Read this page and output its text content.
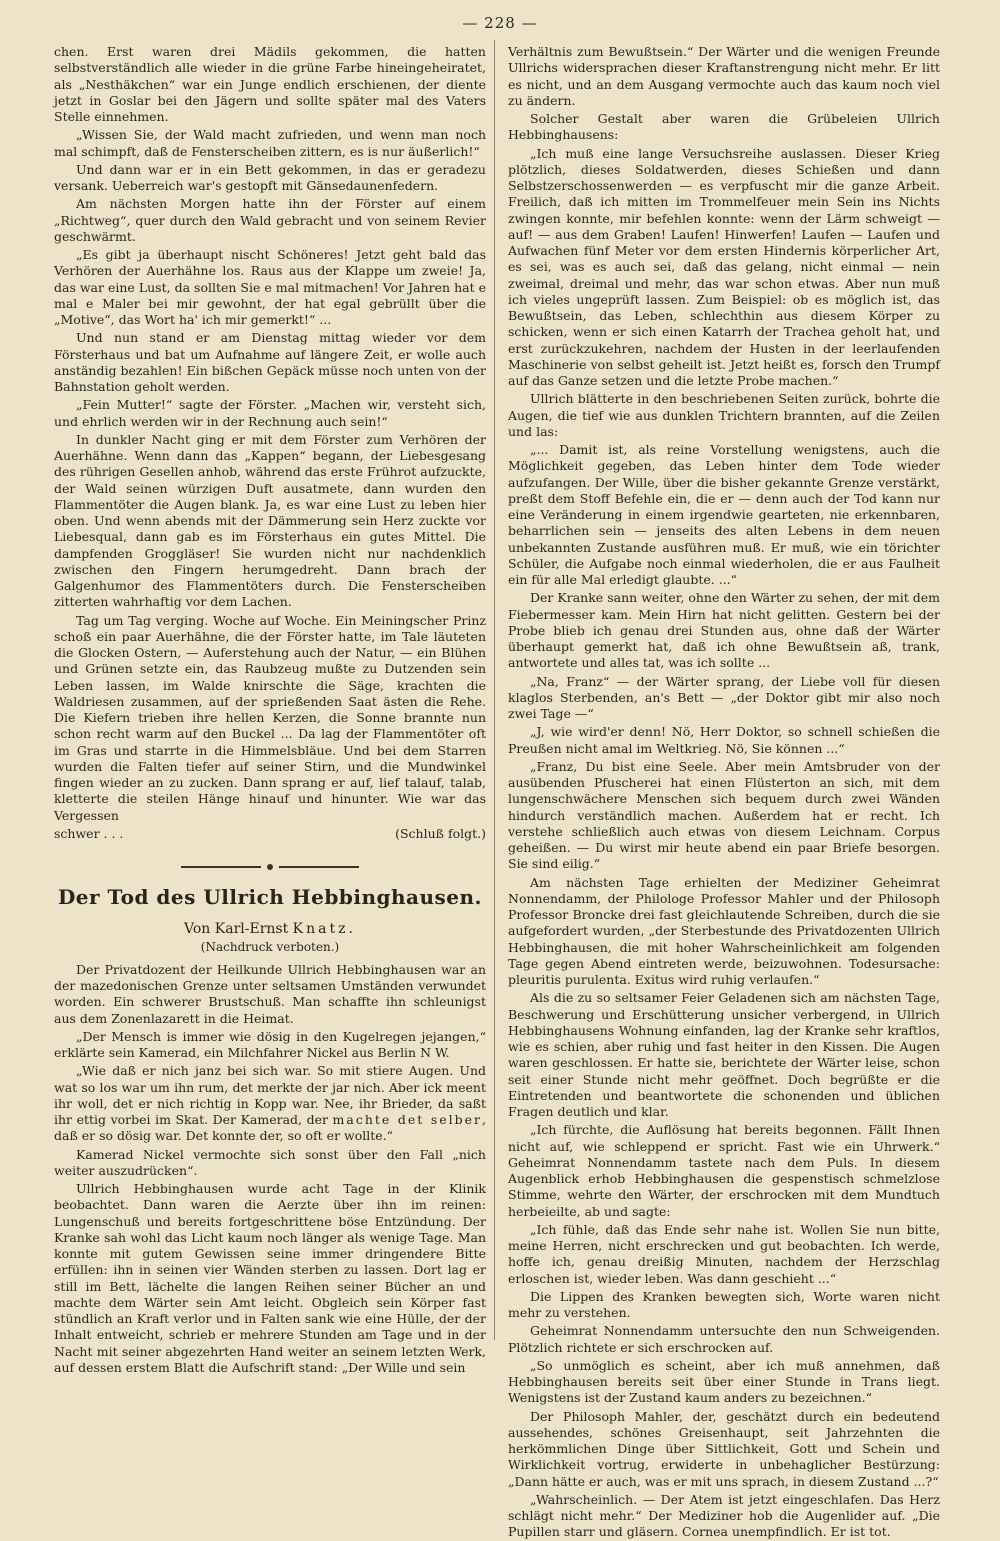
— 228 —

chen. Erst waren drei Mädils gekommen, die hatten selbstverständlich alle wieder in die grüne Farbe hineingeheiratet, als „Nesthäkchen“ war ein Junge endlich erschienen, der diente jetzt in Goslar bei den Jägern und sollte später mal des Vaters Stelle einnehmen.

„Wissen Sie, der Wald macht zufrieden, und wenn man noch mal schimpft, daß de Fensterscheiben zittern, es is nur äußerlich!“

Und dann war er in ein Bett gekommen, in das er geradezu versank. Ueberreich war's gestopft mit Gänsedaunenfedern.

Am nächsten Morgen hatte ihn der Förster auf einem „Richtweg“, quer durch den Wald gebracht und von seinem Revier geschwärmt.

„Es gibt ja überhaupt nischt Schöneres! Jetzt geht bald das Verhören der Auerhähne los. Raus aus der Klappe um zweie! Ja, das war eine Lust, da sollten Sie e mal mitmachen! Vor Jahren hat e mal e Maler bei mir gewohnt, der hat egal gebrüllt über die „Motive“, das Wort ha' ich mir gemerkt!“ ...

Und nun stand er am Dienstag mittag wieder vor dem Försterhaus und bat um Aufnahme auf längere Zeit, er wolle auch anständig bezahlen! Ein bißchen Gepäck müsse noch unten von der Bahnstation geholt werden.

„Fein Mutter!“ sagte der Förster. „Machen wir, versteht sich, und ehrlich werden wir in der Rechnung auch sein!“

In dunkler Nacht ging er mit dem Förster zum Verhören der Auerhähne. Wenn dann das „Kappen“ begann, der Liebesgesang des rührigen Gesellen anhob, während das erste Frührot aufzuckte, der Wald seinen würzigen Duft ausatmete, dann wurden den Flammentöter die Augen blank. Ja, es war eine Lust zu leben hier oben. Und wenn abends mit der Dämmerung sein Herz zuckte vor Liebesqual, dann gab es im Försterhaus ein gutes Mittel. Die dampfenden Groggläser! Sie wurden nicht nur nachdenklich zwischen den Fingern herumgedreht. Dann brach der Galgenhumor des Flammentöters durch. Die Fensterscheiben zitterten wahrhaftig vor dem Lachen.

Tag um Tag verging. Woche auf Woche. Ein Meiningscher Prinz schoß ein paar Auerhähne, die der Förster hatte, im Tale läuteten die Glocken Ostern, — Auferstehung auch der Natur, — ein Blühen und Grünen setzte ein, das Raubzeug mußte zu Dutzenden sein Leben lassen, im Walde knirschte die Säge, krachten die Waldriesen zusammen, auf der sprießenden Saat ästen die Rehe. Die Kiefern trieben ihre hellen Kerzen, die Sonne brannte nun schon recht warm auf den Buckel ... Da lag der Flammentöter oft im Gras und starrte in die Himmelsbläue. Und bei dem Starren wurden die Falten tiefer auf seiner Stirn, und die Mundwinkel fingen wieder an zu zucken. Dann sprang er auf, lief talauf, talab, kletterte die steilen Hänge hinauf und hinunter. Wie war das Vergessen

schwer . . .	(Schluß folgt.)
Der Tod des Ullrich Hebbinghausen.
Von Karl-Ernst Knatz.
(Nachdruck verboten.)

Der Privatdozent der Heilkunde Ullrich Hebbinghausen war an der mazedonischen Grenze unter seltsamen Umständen verwundet worden. Ein schwerer Brustschuß. Man schaffte ihn schleunigst aus dem Zonenlazarett in die Heimat.

„Der Mensch is immer wie dösig in den Kugelregen jejangen,“ erklärte sein Kamerad, ein Milchfahrer Nickel aus Berlin N W.

„Wie daß er nich janz bei sich war. So mit stiere Augen. Und wat so los war um ihn rum, det merkte der jar nich. Aber ick meent ihr woll, det er nich richtig in Kopp war. Nee, ihr Brieder, da saßt ihr ettig vorbei im Skat. Der Kamerad, der machte det selber, daß er so dösig war. Det konnte der, so oft er wollte.“

Kamerad Nickel vermochte sich sonst über den Fall „nich weiter auszudrücken“.

Ullrich Hebbinghausen wurde acht Tage in der Klinik beobachtet. Dann waren die Aerzte über ihn im reinen: Lungenschuß und bereits fortgeschrittene böse Entzündung. Der Kranke sah wohl das Licht kaum noch länger als wenige Tage. Man konnte mit gutem Gewissen seine immer dringendere Bitte erfüllen: ihn in seinen vier Wänden sterben zu lassen. Dort lag er still im Bett, lächelte die langen Reihen seiner Bücher an und machte dem Wärter sein Amt leicht. Obgleich sein Körper fast stündlich an Kraft verlor und in Falten sank wie eine Hülle, der der Inhalt entweicht, schrieb er mehrere Stunden am Tage und in der Nacht mit seiner abgezehrten Hand weiter an seinem letzten Werk, auf dessen erstem Blatt die Aufschrift stand: „Der Wille und sein

Verhältnis zum Bewußtsein.“ Der Wärter und die wenigen Freunde Ullrichs widersprachen dieser Kraftanstrengung nicht mehr. Er litt es nicht, und an dem Ausgang vermochte auch das kaum noch viel zu ändern.

Solcher Gestalt aber waren die Grübeleien Ullrich Hebbinghausens:

„Ich muß eine lange Versuchsreihe auslassen. Dieser Krieg plötzlich, dieses Soldatwerden, dieses Schießen und dann Selbstzerschossenwerden — es verpfuscht mir die ganze Arbeit. Freilich, daß ich mitten im Trommelfeuer mein Sein ins Nichts zwingen konnte, mir befehlen konnte: wenn der Lärm schweigt — auf! — aus dem Graben! Laufen! Hinwerfen! Laufen — Laufen und Aufwachen fünf Meter vor dem ersten Hindernis körperlicher Art, es sei, was es auch sei, daß das gelang, nicht einmal — nein zweimal, dreimal und mehr, das war schon etwas. Aber nun muß ich vieles ungeprüft lassen. Zum Beispiel: ob es möglich ist, das Bewußtsein, das Leben, schlechthin aus diesem Körper zu schicken, wenn er sich einen Katarrh der Trachea geholt hat, und erst zurückzukehren, nachdem der Husten in der leerlaufenden Maschinerie von selbst geheilt ist. Jetzt heißt es, forsch den Trumpf auf das Ganze setzen und die letzte Probe machen.“

Ullrich blätterte in den beschriebenen Seiten zurück, bohrte die Augen, die tief wie aus dunklen Trichtern brannten, auf die Zeilen und las:

„... Damit ist, als reine Vorstellung wenigstens, auch die Möglichkeit gegeben, das Leben hinter dem Tode wieder aufzufangen. Der Wille, über die bisher gekannte Grenze verstärkt, preßt dem Stoff Befehle ein, die er — denn auch der Tod kann nur eine Veränderung in einem irgendwie gearteten, nie erkennbaren, beharrlichen sein — jenseits des alten Lebens in dem neuen unbekannten Zustande ausführen muß. Er muß, wie ein törichter Schüler, die Aufgabe noch einmal wiederholen, die er aus Faulheit ein für alle Mal erledigt glaubte. ...“

Der Kranke sann weiter, ohne den Wärter zu sehen, der mit dem Fiebermesser kam. Mein Hirn hat nicht gelitten. Gestern bei der Probe blieb ich genau drei Stunden aus, ohne daß der Wärter überhaupt gemerkt hat, daß ich ohne Bewußtsein aß, trank, antwortete und alles tat, was ich sollte ...

„Na, Franz“ — der Wärter sprang, der Liebe voll für diesen klaglos Sterbenden, an's Bett — „der Doktor gibt mir also noch zwei Tage —“

„J, wie wird'er denn! Nö, Herr Doktor, so schnell schießen die Preußen nicht amal im Weltkrieg. Nö, Sie können ...“

„Franz, Du bist eine Seele. Aber mein Amtsbruder von der ausübenden Pfuscherei hat einen Flüsterton an sich, mit dem lungenschwächere Menschen sich bequem durch zwei Wänden hindurch verständlich machen. Außerdem hat er recht. Ich verstehe schließlich auch etwas von diesem Leichnam. Corpus geheißen. — Du wirst mir heute abend ein paar Briefe besorgen. Sie sind eilig.“

Am nächsten Tage erhielten der Mediziner Geheimrat Nonnendamm, der Philologe Professor Mahler und der Philosoph Professor Broncke drei fast gleichlautende Schreiben, durch die sie aufgefordert wurden, „der Sterbestunde des Privatdozenten Ullrich Hebbinghausen, die mit hoher Wahrscheinlichkeit am folgenden Tage gegen Abend eintreten werde, beizuwohnen. Todesursache: pleuritis purulenta. Exitus wird ruhig verlaufen.“

Als die zu so seltsamer Feier Geladenen sich am nächsten Tage, Beschwerung und Erschütterung unsicher verbergend, in Ullrich Hebbinghausens Wohnung einfanden, lag der Kranke sehr kraftlos, wie es schien, aber ruhig und fast heiter in den Kissen. Die Augen waren geschlossen. Er hatte sie, berichtete der Wärter leise, schon seit einer Stunde nicht mehr geöffnet. Doch begrüßte er die Eintretenden und beantwortete die schonenden und üblichen Fragen deutlich und klar.

„Ich fürchte, die Auflösung hat bereits begonnen. Fällt Ihnen nicht auf, wie schleppend er spricht. Fast wie ein Uhrwerk.“ Geheimrat Nonnendamm tastete nach dem Puls. In diesem Augenblick erhob Hebbinghausen die gespenstisch schmelzlose Stimme, wehrte den Wärter, der erschrocken mit dem Mundtuch herbeieilte, ab und sagte:

„Ich fühle, daß das Ende sehr nahe ist. Wollen Sie nun bitte, meine Herren, nicht erschrecken und gut beobachten. Ich werde, hoffe ich, genau dreißig Minuten, nachdem der Herzschlag erloschen ist, wieder leben. Was dann geschieht ...“

Die Lippen des Kranken bewegten sich, Worte waren nicht mehr zu verstehen.

Geheimrat Nonnendamm untersuchte den nun Schweigenden. Plötzlich richtete er sich erschrocken auf.

„So unmöglich es scheint, aber ich muß annehmen, daß Hebbinghausen bereits seit über einer Stunde in Trans liegt. Wenigstens ist der Zustand kaum anders zu bezeichnen.“

Der Philosoph Mahler, der, geschätzt durch ein bedeutend aussehendes, schönes Greisenhaupt, seit Jahrzehnten die herkömmlichen Dinge über Sittlichkeit, Gott und Schein und Wirklichkeit vortrug, erwiderte in unbehaglicher Bestürzung: „Dann hätte er auch, was er mit uns sprach, in diesem Zustand ...?“

„Wahrscheinlich. — Der Atem ist jetzt eingeschlafen. Das Herz schlägt nicht mehr.“ Der Mediziner hob die Augenlider auf. „Die Pupillen starr und gläsern. Cornea unempfindlich. Er ist tot.
